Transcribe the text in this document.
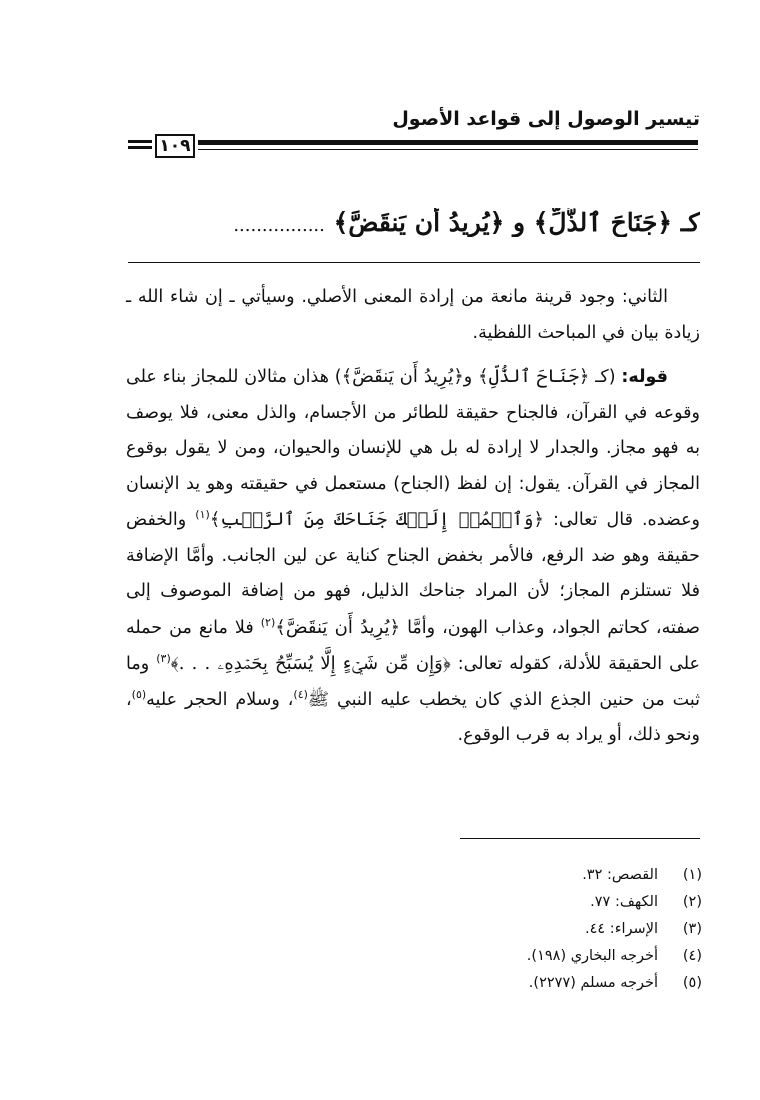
تيسير الوصول إلى قواعد الأصول
١٠٩
كـ ﴿جَنَاحَ ٱلذُّلِّ﴾ و ﴿يُرِيدُ أَن يَنقَضَّ﴾ ................

الثاني: وجود قرينة مانعة من إرادة المعنى الأصلي. وسيأتي ـ إن شاء الله ـ زيادة بيان في المباحث اللفظية.

قوله: (كـ ﴿جَنَاحَ ٱلذُّلِّ﴾ و﴿يُرِيدُ أَن يَنقَضَّ﴾) هذان مثالان للمجاز بناء على وقوعه في القرآن، فالجناح حقيقة للطائر من الأجسام، والذل معنى، فلا يوصف به فهو مجاز. والجدار لا إرادة له بل هي للإنسان والحيوان، ومن لا يقول بوقوع المجاز في القرآن. يقول: إن لفظ (الجناح) مستعمل في حقيقته وهو يد الإنسان وعضده. قال تعالى: ﴿وَٱضۡمُمۡ إِلَيۡكَ جَنَاحَكَ مِنَ ٱلرَّهۡبِ﴾$^{(١)}$ والخفض حقيقة وهو ضد الرفع، فالأمر بخفض الجناح كناية عن لين الجانب. وأمَّا الإضافة فلا تستلزم المجاز؛ لأن المراد جناحك الذليل، فهو من إضافة الموصوف إلى صفته، كحاتم الجواد، وعذاب الهون، وأمَّا ﴿يُرِيدُ أَن يَنقَضَّ﴾$^{(٢)}$ فلا مانع من حمله على الحقيقة للأدلة، كقوله تعالى: ﴿وَإِن مِّن شَيۡءٍ إِلَّا يُسَبِّحُ بِحَمۡدِهِۦ . . .﴾$^{(٣)}$ وما ثبت من حنين الجذع الذي كان يخطب عليه النبي ﷺ$^{(٤)}$، وسلام الحجر عليه$^{(٥)}$، ونحو ذلك، أو يراد به قرب الوقوع.

(١)القصص: ٣٢.
(٢)الكهف: ٧٧.
(٣)الإسراء: ٤٤.
(٤)أخرجه البخاري (١٩٨).
(٥)أخرجه مسلم (٢٢٧٧).
